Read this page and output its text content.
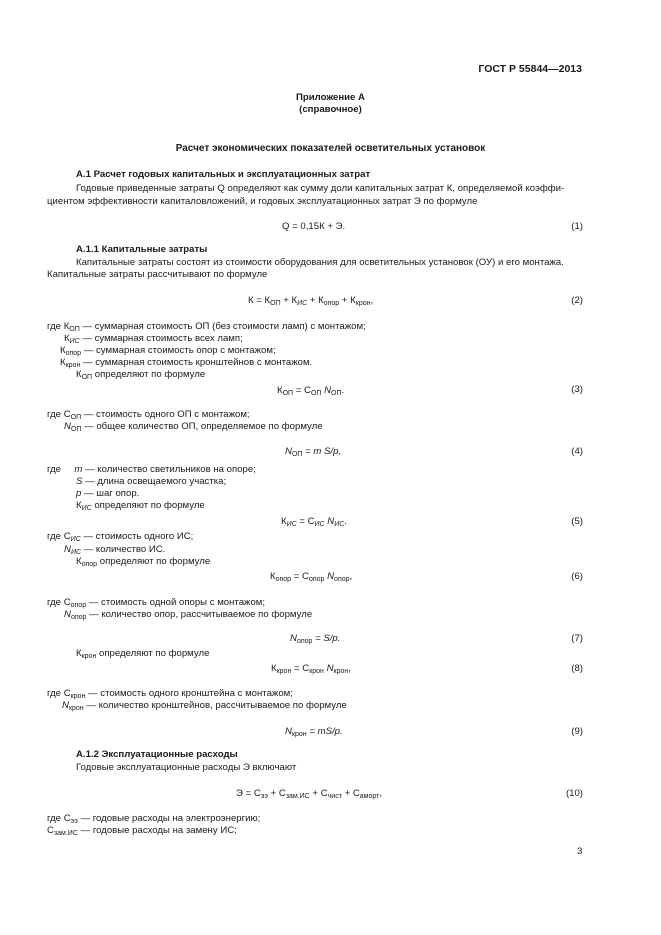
ГОСТ Р 55844—2013
Приложение А
(справочное)
Расчет экономических показателей осветительных установок
А.1 Расчет годовых капитальных и эксплуатационных затрат
Годовые приведенные затраты Q определяют как сумму доли капитальных затрат К, определяемой коэффи-
циентом эффективности капиталовложений, и годовых эксплуатационных затрат Э по формуле
Q = 0,15К + Э.	(1)
А.1.1 Капитальные затраты
Капитальные затраты состоят из стоимости оборудования для осветительных установок (ОУ) и его монтажа.
Капитальные затраты рассчитывают по формуле
$К = К_{ОП} + К_{ИС} + К_{опор} + К_{крон}$,	(2)
где $К_{ОП}$ — суммарная стоимость ОП (без стоимости ламп) с монтажом;
$К_{ИС}$ — суммарная стоимость всех ламп;
$К_{опор}$ — суммарная стоимость опор с монтажом;
$К_{крон}$ — суммарная стоимость кронштейнов с монтажом.
$К_{ОП}$ определяют по формуле
$К_{ОП} = С_{ОП}$ $N_{ОП}$.	(3)
где $С_{ОП}$ — стоимость одного ОП с монтажом;
$N_{ОП}$ — общее количество ОП, определяемое по формуле
$N_{ОП} = m$ S/p,	(4)
где m — количество светильников на опоре;
S — длина освещаемого участка;
p — шаг опор.
$К_{ИС}$ определяют по формуле
$К_{ИС} = С_{ИС}$ $N_{ИС}$.	(5)
где $С_{ИС}$ — стоимость одного ИС;
$N_{ИС}$ — количество ИС.
$К_{опор}$ определяют по формуле
$К_{опор} = С_{опор}$ $N_{опор}$,	(6)
где $С_{опор}$ — стоимость одной опоры с монтажом;
$N_{опор}$ — количество опор, рассчитываемое по формуле
$N_{опор} = S/p$.	(7)
$К_{крон}$ определяют по формуле
$К_{крон} = С_{крон}$ $N_{крон}$,	(8)
где $С_{крон}$ — стоимость одного кронштейна с монтажом;
$N_{крон}$ — количество кронштейнов, рассчитываемое по формуле
$N_{крон} = mS/p$.	(9)
А.1.2 Эксплуатационные расходы
Годовые эксплуатационные расходы Э включают
$Э = С_{ээ} + С_{зам.ИС} + С_{чист} + С_{аморт}$,	(10)
где $С_{ээ}$ — годовые расходы на электроэнергию;
$С_{зам.ИС}$ — годовые расходы на замену ИС;
3
